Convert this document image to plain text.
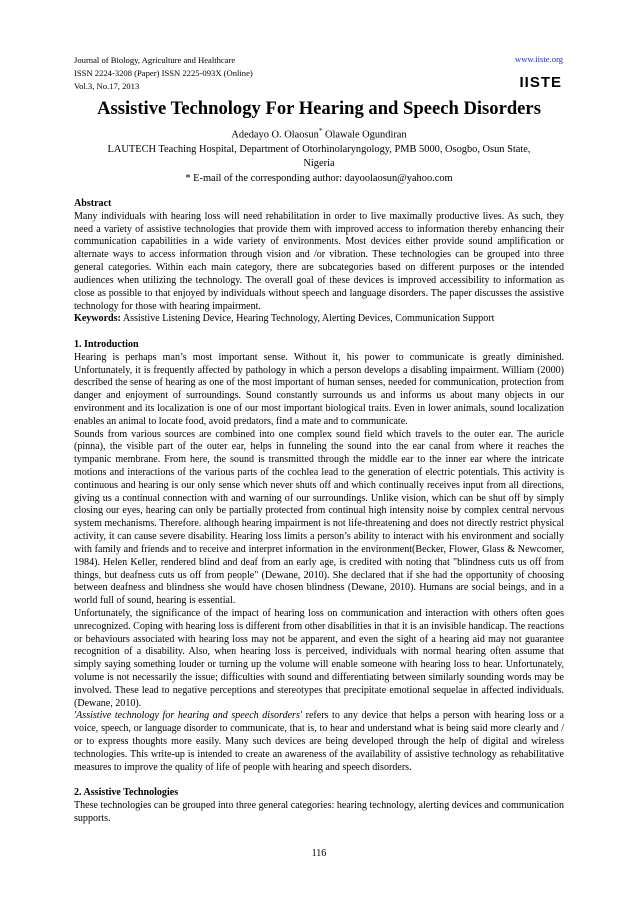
Journal of Biology, Agriculture and Healthcare
ISSN 2224-3208 (Paper) ISSN 2225-093X (Online)
Vol.3, No.17, 2013
www.iiste.org
IISTE
Assistive Technology For Hearing and Speech Disorders
Adedayo O. Olaosun* Olawale Ogundiran
LAUTECH Teaching Hospital, Department of Otorhinolaryngology, PMB 5000, Osogbo, Osun State,
Nigeria
* E-mail of the corresponding author: dayoolaosun@yahoo.com

Abstract

Many individuals with hearing loss will need rehabilitation in order to live maximally productive lives. As such, they need a variety of assistive technologies that provide them with improved access to information thereby enhancing their communication capabilities in a wide variety of environments. Most devices either provide sound amplification or alternate ways to access information through vision and /or vibration. These technologies can be grouped into three general categories. Within each main category, there are subcategories based on different purposes or the intended audiences when utilizing the technology. The overall goal of these devices is improved accessibility to information as close as possible to that enjoyed by individuals without speech and language disorders. The paper discusses the assistive technology for those with hearing impairment.

Keywords: Assistive Listening Device, Hearing Technology, Alerting Devices, Communication Support

1. Introduction

Hearing is perhaps man’s most important sense. Without it, his power to communicate is greatly diminished. Unfortunately, it is frequently affected by pathology in which a person develops a disabling impairment. William (2000) described the sense of hearing as one of the most important of human senses, needed for communication, protection from danger and enjoyment of surroundings. Sound constantly surrounds us and informs us about many objects in our environment and its localization is one of our most important biological traits. Even in lower animals, sound localization enables an animal to locate food, avoid predators, find a mate and to communicate.

Sounds from various sources are combined into one complex sound field which travels to the outer ear. The auricle (pinna), the visible part of the outer ear, helps in funneling the sound into the ear canal from where it reaches the tympanic membrane. From here, the sound is transmitted through the middle ear to the inner ear where the intricate motions and interactions of the various parts of the cochlea lead to the generation of electric potentials. This activity is continuous and hearing is our only sense which never shuts off and which continually receives input from all directions, giving us a continual connection with and warning of our surroundings. Unlike vision, which can be shut off by simply closing our eyes, hearing can only be partially protected from continual high intensity noise by complex central nervous system mechanisms. Therefore. although hearing impairment is not life-threatening and does not directly restrict physical activity, it can cause severe disability. Hearing loss limits a person’s ability to interact with his environment and socially with family and friends and to receive and interpret information in the environment(Becker, Flower, Glass & Newcomer, 1984). Helen Keller, rendered blind and deaf from an early age, is credited with noting that "blindness cuts us off from things, but deafness cuts us off from people" (Dewane, 2010). She declared that if she had the opportunity of choosing between deafness and blindness she would have chosen blindness (Dewane, 2010). Humans are social beings, and in a world full of sound, hearing is essential.

Unfortunately, the significance of the impact of hearing loss on communication and interaction with others often goes unrecognized. Coping with hearing loss is different from other disabilities in that it is an invisible handicap. The reactions or behaviours associated with hearing loss may not be apparent, and even the sight of a hearing aid may not guarantee recognition of a disability. Also, when hearing loss is perceived, individuals with normal hearing often assume that simply saying something louder or turning up the volume will enable someone with hearing loss to hear. Unfortunately, volume is not necessarily the issue; difficulties with sound and differentiating between similarly sounding words may be involved. These lead to negative perceptions and stereotypes that precipitate emotional sequelae in affected individuals. (Dewane, 2010).

'Assistive technology for hearing and speech disorders' refers to any device that helps a person with hearing loss or a voice, speech, or language disorder to communicate, that is, to hear and understand what is being said more clearly and / or to express thoughts more easily. Many such devices are being developed through the help of digital and wireless technologies. This write-up is intended to create an awareness of the availability of assistive technology as rehabilitative measures to improve the quality of life of people with hearing and speech disorders.

2. Assistive Technologies

These technologies can be grouped into three general categories: hearing technology, alerting devices and communication supports.

116
